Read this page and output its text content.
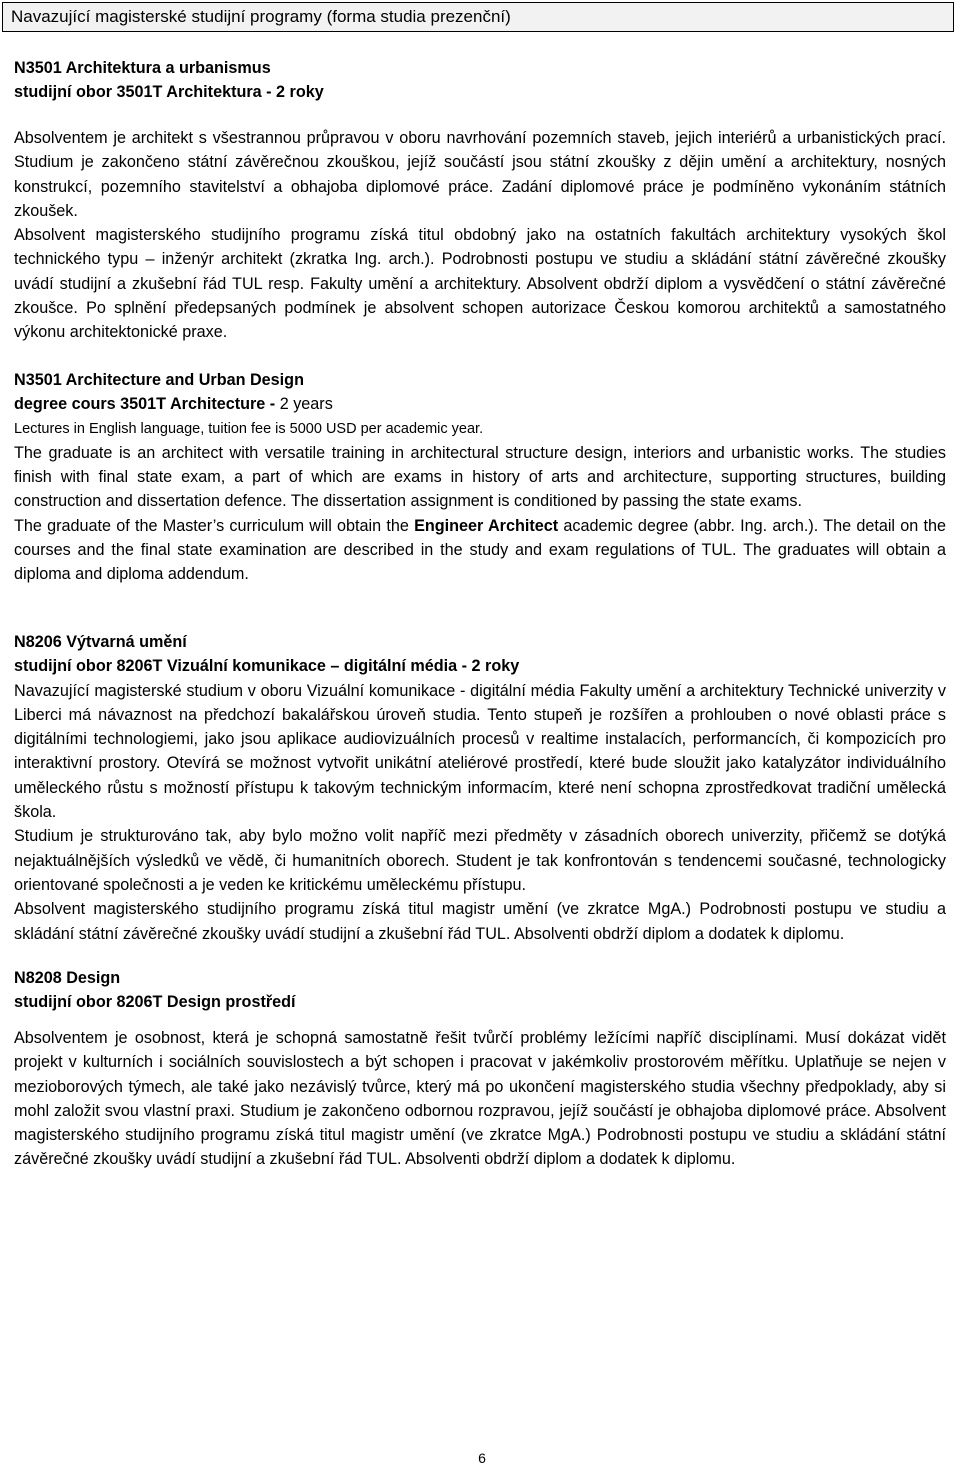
Navazující magisterské studijní programy (forma studia prezenční)

N3501 Architektura a urbanismus

studijní obor 3501T Architektura - 2 roky

Absolventem je architekt s všestrannou průpravou v oboru navrhování pozemních staveb, jejich interiérů a urbanistických prací. Studium je zakončeno státní závěrečnou zkouškou, jejíž součástí jsou státní zkoušky z dějin umění a architektury, nosných konstrukcí, pozemního stavitelství a obhajoba diplomové práce. Zadání diplomové práce je podmíněno vykonáním státních zkoušek.

Absolvent magisterského studijního programu získá titul obdobný jako na ostatních fakultách architektury vysokých škol technického typu – inženýr architekt (zkratka Ing. arch.). Podrobnosti postupu ve studiu a skládání státní závěrečné zkoušky uvádí studijní a zkušební řád TUL resp. Fakulty umění a architektury. Absolvent obdrží diplom a vysvědčení o státní závěrečné zkoušce. Po splnění předepsaných podmínek je absolvent schopen autorizace Českou komorou architektů a samostatného výkonu architektonické praxe.

N3501 Architecture and Urban Design

degree cours 3501T Architecture - 2 years

Lectures in English language, tuition fee is 5000 USD per academic year.

The graduate is an architect with versatile training in architectural structure design, interiors and urbanistic works. The studies finish with final state exam, a part of which are exams in history of arts and architecture, supporting structures, building construction and dissertation defence. The dissertation assignment is conditioned by passing the state exams.

The graduate of the Master’s curriculum will obtain the Engineer Architect academic degree (abbr. Ing. arch.). The detail on the courses and the final state examination are described in the study and exam regulations of TUL. The graduates will obtain a diploma and diploma addendum.

N8206 Výtvarná umění

studijní obor 8206T Vizuální komunikace – digitální média - 2 roky

Navazující magisterské studium v oboru Vizuální komunikace - digitální média Fakulty umění a architektury Technické univerzity v Liberci má návaznost na předchozí bakalářskou úroveň studia. Tento stupeň je rozšířen a prohlouben o nové oblasti práce s digitálními technologiemi, jako jsou aplikace audiovizuálních procesů v realtime instalacích, performancích, či kompozicích pro interaktivní prostory. Otevírá se možnost vytvořit unikátní ateliérové prostředí, které bude sloužit jako katalyzátor individuálního uměleckého růstu s možností přístupu k takovým technickým informacím, které není schopna zprostředkovat tradiční umělecká škola.

Studium je strukturováno tak, aby bylo možno volit napříč mezi předměty v zásadních oborech univerzity, přičemž se dotýká nejaktuálnějších výsledků ve vědě, či humanitních oborech. Student je tak konfrontován s tendencemi současné, technologicky orientované společnosti a je veden ke kritickému uměleckému přístupu.

Absolvent magisterského studijního programu získá titul magistr umění (ve zkratce MgA.) Podrobnosti postupu ve studiu a skládání státní závěrečné zkoušky uvádí studijní a zkušební řád TUL. Absolventi obdrží diplom a dodatek k diplomu.

N8208 Design

studijní obor 8206T Design prostředí

Absolventem je osobnost, která je schopná samostatně řešit tvůrčí problémy ležícími napříč disciplínami. Musí dokázat vidět projekt v kulturních i sociálních souvislostech a být schopen i pracovat v jakémkoliv prostorovém měřítku. Uplatňuje se nejen v mezioborových týmech, ale také jako nezávislý tvůrce, který má po ukončení magisterského studia všechny předpoklady, aby si mohl založit svou vlastní praxi. Studium je zakončeno odbornou rozpravou, jejíž součástí je obhajoba diplomové práce. Absolvent magisterského studijního programu získá titul magistr umění (ve zkratce MgA.) Podrobnosti postupu ve studiu a skládání státní závěrečné zkoušky uvádí studijní a zkušební řád TUL. Absolventi obdrží diplom a dodatek k diplomu.

6
